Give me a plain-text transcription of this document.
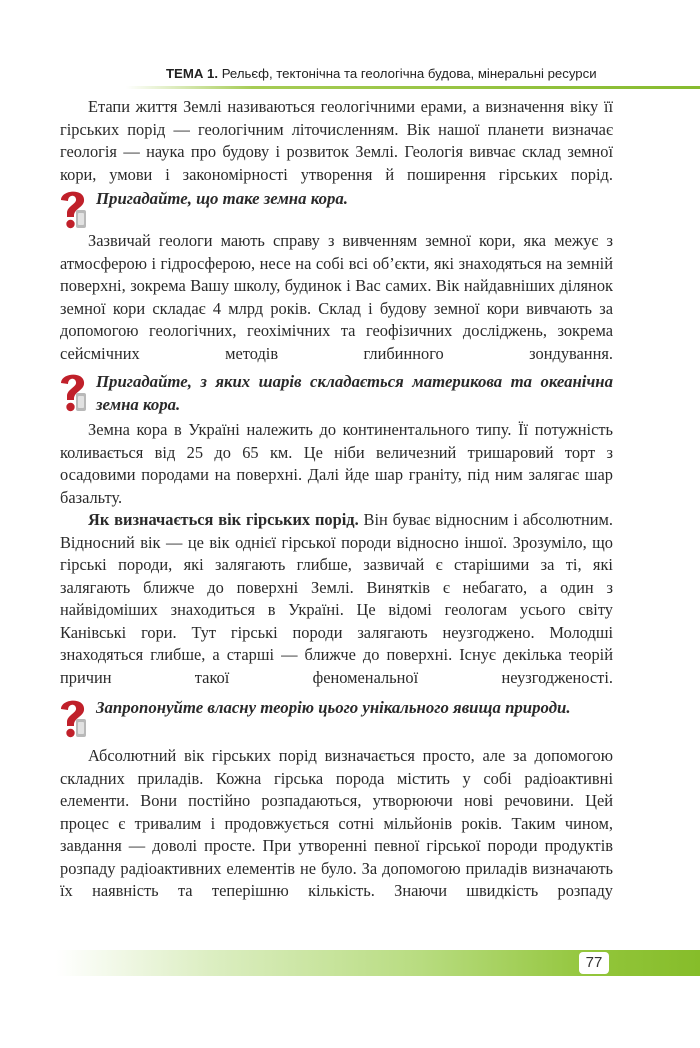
ТЕМА 1. Рельєф, тектонічна та геологічна будова, мінеральні ресурси

Етапи життя Землі називаються геологічними ерами, а визначення віку її гірських порід — геологічним літочисленням. Вік нашої планети визначає геологія — наука про будову і розвиток Землі. Геологія вивчає склад земної кори, умови і закономірності утворення й поширення гірських порід.

Пригадайте, що таке земна кора.

Зазвичай геологи мають справу з вивченням земної кори, яка межує з атмосферою і гідросферою, несе на собі всі об’єкти, які знаходяться на земній поверхні, зокрема Вашу школу, будинок і Вас самих. Вік найдавніших ділянок земної кори складає 4 млрд років. Склад і будову земної кори вивчають за допомогою геологічних, геохімічних та геофізичних досліджень, зокрема сейсмічних методів глибинного зондування.

Пригадайте, з яких шарів складається материкова та океанічна земна кора.

Земна кора в Україні належить до континентального типу. Її потужність коливається від 25 до 65 км. Це ніби величезний тришаровий торт з осадовими породами на поверхні. Далі йде шар граніту, під ним залягає шар базальту.

Як визначається вік гірських порід. Він буває відносним і абсолютним. Відносний вік — це вік однієї гірської породи відносно іншої. Зрозуміло, що гірські породи, які залягають глибше, зазвичай є старішими за ті, які залягають ближче до поверхні Землі. Винятків є небагато, а один з найвідоміших знаходиться в Україні. Це відомі геологам усього світу Канівські гори. Тут гірські породи залягають неузгоджено. Молодші знаходяться глибше, а старші — ближче до поверхні. Існує декілька теорій причин такої феноменальної неузгодженості.

Запропонуйте власну теорію цього унікального явища природи.

Абсолютний вік гірських порід визначається просто, але за допомогою складних приладів. Кожна гірська порода містить у собі радіоактивні елементи. Вони постійно розпадаються, утворюючи нові речовини. Цей процес є тривалим і продовжується сотні мільйонів років. Таким чином, завдання — доволі просте. При утворенні певної гірської породи продуктів розпаду радіоактивних елементів не було. За допомогою приладів визначають їх наявність та теперішню кількість. Знаючи швидкість розпаду

77
